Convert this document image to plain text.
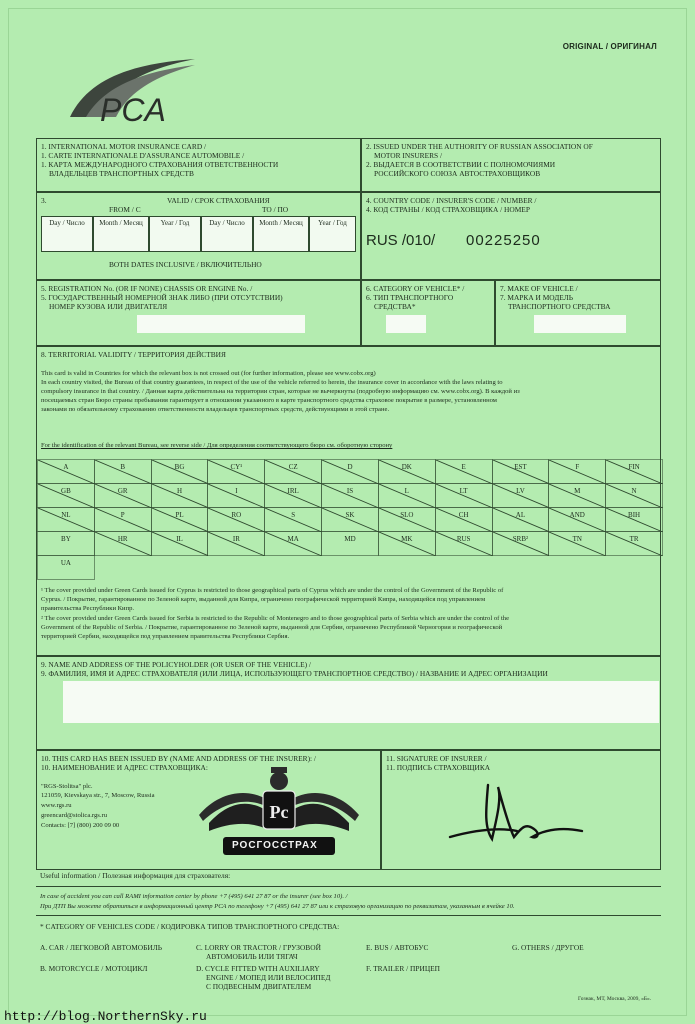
ORIGINAL / ОРИГИНАЛ
PCA
1. INTERNATIONAL MOTOR INSURANCE CARD /
1. CARTE INTERNATIONALE D'ASSURANCE AUTOMOBILE /
1. КАРТА МЕЖДУНАРОДНОГО СТРАХОВАНИЯ ОТВЕТСТВЕННОСТИ
ВЛАДЕЛЬЦЕВ ТРАНСПОРТНЫХ СРЕДСТВ
2. ISSUED UNDER THE AUTHORITY OF RUSSIAN ASSOCIATION OF
MOTOR INSURERS /
2. ВЫДАЕТСЯ В СООТВЕТСТВИИ С ПОЛНОМОЧИЯМИ
РОССИЙСКОГО СОЮЗА АВТОСТРАХОВЩИКОВ
3.	VALID / СРОК СТРАХОВАНИЯ
FROM / С	TO / ПО
Day / Число	Month / Месяц	Year / Год	Day / Число	Month / Месяц	Year / Год
BOTH DATES INCLUSIVE / ВКЛЮЧИТЕЛЬНО
4. COUNTRY CODE / INSURER'S CODE / NUMBER /
4. КОД СТРАНЫ / КОД СТРАХОВЩИКА / НОМЕР
RUS /010/ 00225250
5. REGISTRATION No. (OR IF NONE) CHASSIS OR ENGINE No. /
5. ГОСУДАРСТВЕННЫЙ НОМЕРНОЙ ЗНАК ЛИБО (ПРИ ОТСУТСТВИИ)
НОМЕР КУЗОВА ИЛИ ДВИГАТЕЛЯ
6. CATEGORY OF VEHICLE* /
6. ТИП ТРАНСПОРТНОГО
СРЕДСТВА*
7. MAKE OF VEHICLE /
7. МАРКА И МОДЕЛЬ
ТРАНСПОРТНОГО СРЕДСТВА
8. TERRITORIAL VALIDITY / ТЕРРИТОРИЯ ДЕЙСТВИЯ
This card is valid in Countries for which the relevant box is not crossed out (for further information, please see www.cobx.org)
In each country visited, the Bureau of that country guarantees, in respect of the use of the vehicle referred to herein, the insurance cover in accordance with the laws relating to
compulsory insurance in that country. / Данная карта действительна на территории стран, которые не вычеркнуты (подробную информацию см. www.cobx.org). В каждой из
посещаемых стран Бюро страны пребывания гарантирует в отношении указанного в карте транспортного средства страховое покрытие в размере, установленном
законами по обязательному страхованию ответственности владельцев транспортных средств, действующими в этой стране.
For the identification of the relevant Bureau, see reverse side / Для определения соответствующего бюро см. оборотную сторону
A	B	BG	CY¹	CZ	D	DK	E	EST	F	FIN
GB	GR	H	I	IRL	IS	L	LT	LV	M	N
NL	P	PL	RO	S	SK	SLO	CH	AL	AND	BIH
BY	HR	IL	IR	MA	MD	MK	RUS	SRB²	TN	TR
UA
¹ The cover provided under Green Cards issued for Cyprus is restricted to those geographical parts of Cyprus which are under the control of the Government of the Republic of
Cyprus. / Покрытие, гарантированное по Зеленой карте, выданной для Кипра, ограничено географической территорией Кипра, находящейся под управлением
правительства Республики Кипр.
² The cover provided under Green Cards issued for Serbia is restricted to the Republic of Montenegro and to those geographical parts of Serbia which are under the control of the
Government of the Republic of Serbia. / Покрытие, гарантированное по Зеленой карте, выданной для Сербии, ограничено Республикой Черногория и географической
территорией Сербии, находящейся под управлением правительства Республики Сербия.
9. NAME AND ADDRESS OF THE POLICYHOLDER (OR USER OF THE VEHICLE) /
9. ФАМИЛИЯ, ИМЯ И АДРЕС СТРАХОВАТЕЛЯ (ИЛИ ЛИЦА, ИСПОЛЬЗУЮЩЕГО ТРАНСПОРТНОЕ СРЕДСТВО) / НАЗВАНИЕ И АДРЕС ОРГАНИЗАЦИИ
10. THIS CARD HAS BEEN ISSUED BY (NAME AND ADDRESS OF THE INSURER): /
10. НАИМЕНОВАНИЕ И АДРЕС СТРАХОВЩИКА:
"RGS-Stolitsa" plc.
121059, Kievskaya str., 7, Moscow, Russia
www.rgs.ru
greencard@stolica.rgs.ru
Contacts: [7] (800) 200 09 00
Рс
РОСГОССТРАХ
11. SIGNATURE OF INSURER /
11. ПОДПИСЬ СТРАХОВЩИКА
Useful information / Полезная информация для страхователя:
In case of accident you can call RAMI information center by phone +7 (495) 641 27 87 or the insurer (see box 10). /
При ДТП Вы можете обратиться в информационный центр РСА по телефону +7 (495) 641 27 87 или к страховую организацию по реквизитам, указанным в ячейке 10.
* CATEGORY OF VEHICLES CODE / КОДИРОВКА ТИПОВ ТРАНСПОРТНОГО СРЕДСТВА:
A. CAR / ЛЕГКОВОЙ АВТОМОБИЛЬ
B. MOTORCYCLE / МОТОЦИКЛ
C. LORRY OR TRACTOR / ГРУЗОВОЙ
АВТОМОБИЛЬ ИЛИ ТЯГАЧ
D. CYCLE FITTED WITH AUXILIARY
ENGINE / МОПЕД ИЛИ ВЕЛОСИПЕД
С ПОДВЕСНЫМ ДВИГАТЕЛЕМ
E. BUS / АВТОБУС
F. TRAILER / ПРИЦЕП
G. OTHERS / ДРУГОЕ
Гознак, МТ, Москва, 2009, «Б».
http://blog.NorthernSky.ru
